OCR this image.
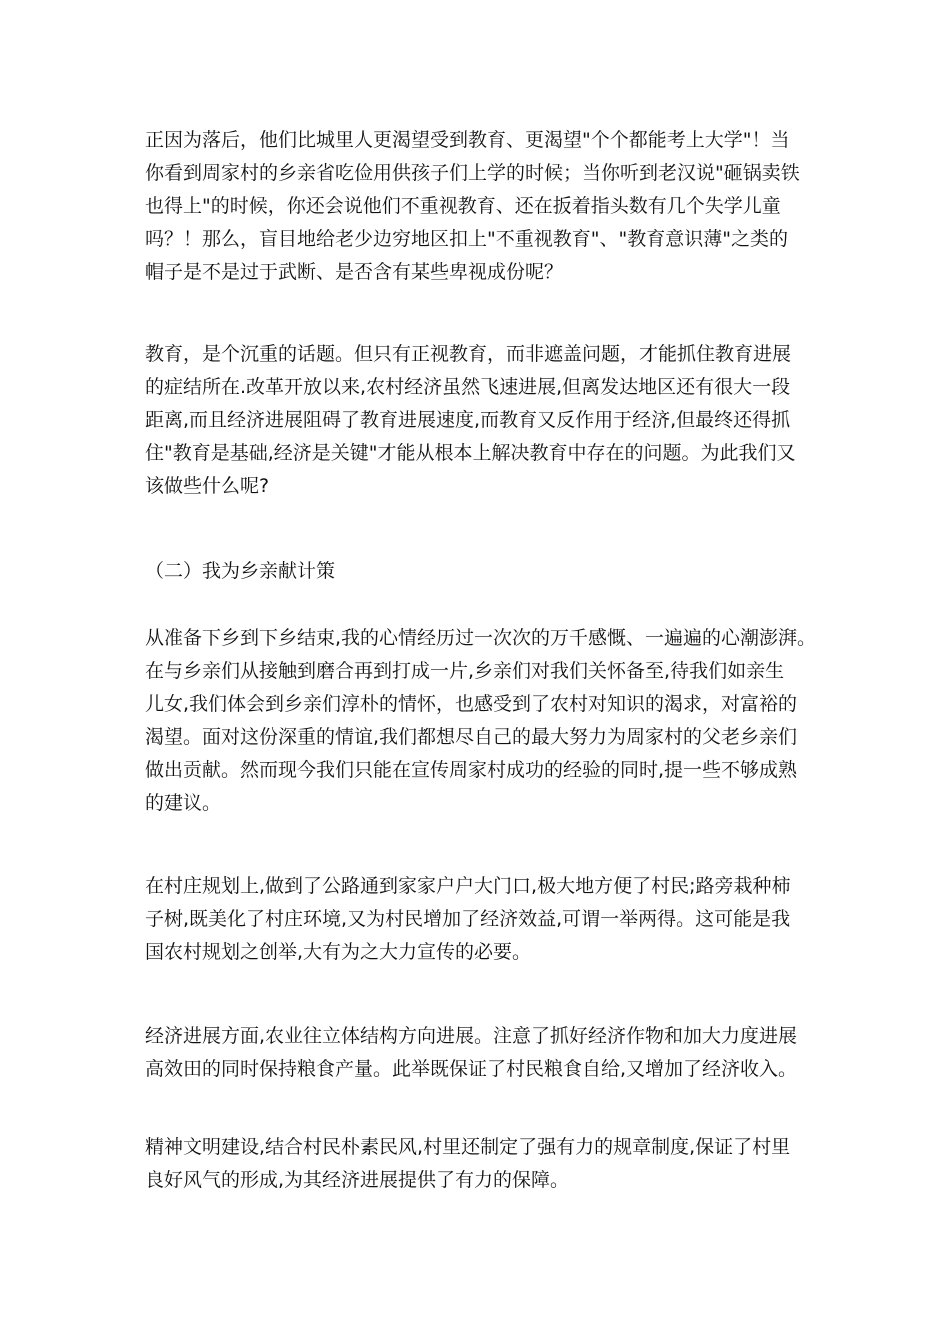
正因为落后，他们比城里人更渴望受到教育、更渴望"个个都能考上大学"！当
你看到周家村的乡亲省吃俭用供孩子们上学的时候；当你听到老汉说"砸锅卖铁
也得上"的时候，你还会说他们不重视教育、还在扳着指头数有几个失学儿童
吗？！那么，盲目地给老少边穷地区扣上"不重视教育"、"教育意识薄"之类的
帽子是不是过于武断、是否含有某些卑视成份呢？
教育，是个沉重的话题。但只有正视教育，而非遮盖问题，才能抓住教育进展
的症结所在.改革开放以来,农村经济虽然飞速进展,但离发达地区还有很大一段
距离,而且经济进展阻碍了教育进展速度,而教育又反作用于经济,但最终还得抓
住"教育是基础,经济是关键"才能从根本上解决教育中存在的问题。为此我们又
该做些什么呢?
（二）我为乡亲献计策
从准备下乡到下乡结束,我的心情经历过一次次的万千感慨、一遍遍的心潮澎湃。
在与乡亲们从接触到磨合再到打成一片,乡亲们对我们关怀备至,待我们如亲生
儿女,我们体会到乡亲们淳朴的情怀，也感受到了农村对知识的渴求，对富裕的
渴望。面对这份深重的情谊,我们都想尽自己的最大努力为周家村的父老乡亲们
做出贡献。然而现今我们只能在宣传周家村成功的经验的同时,提一些不够成熟
的建议。
在村庄规划上,做到了公路通到家家户户大门口,极大地方便了村民;路旁栽种柿
子树,既美化了村庄环境,又为村民增加了经济效益,可谓一举两得。这可能是我
国农村规划之创举,大有为之大力宣传的必要。
经济进展方面,农业往立体结构方向进展。注意了抓好经济作物和加大力度进展
高效田的同时保持粮食产量。此举既保证了村民粮食自给,又增加了经济收入。
精神文明建设,结合村民朴素民风,村里还制定了强有力的规章制度,保证了村里
良好风气的形成,为其经济进展提供了有力的保障。
